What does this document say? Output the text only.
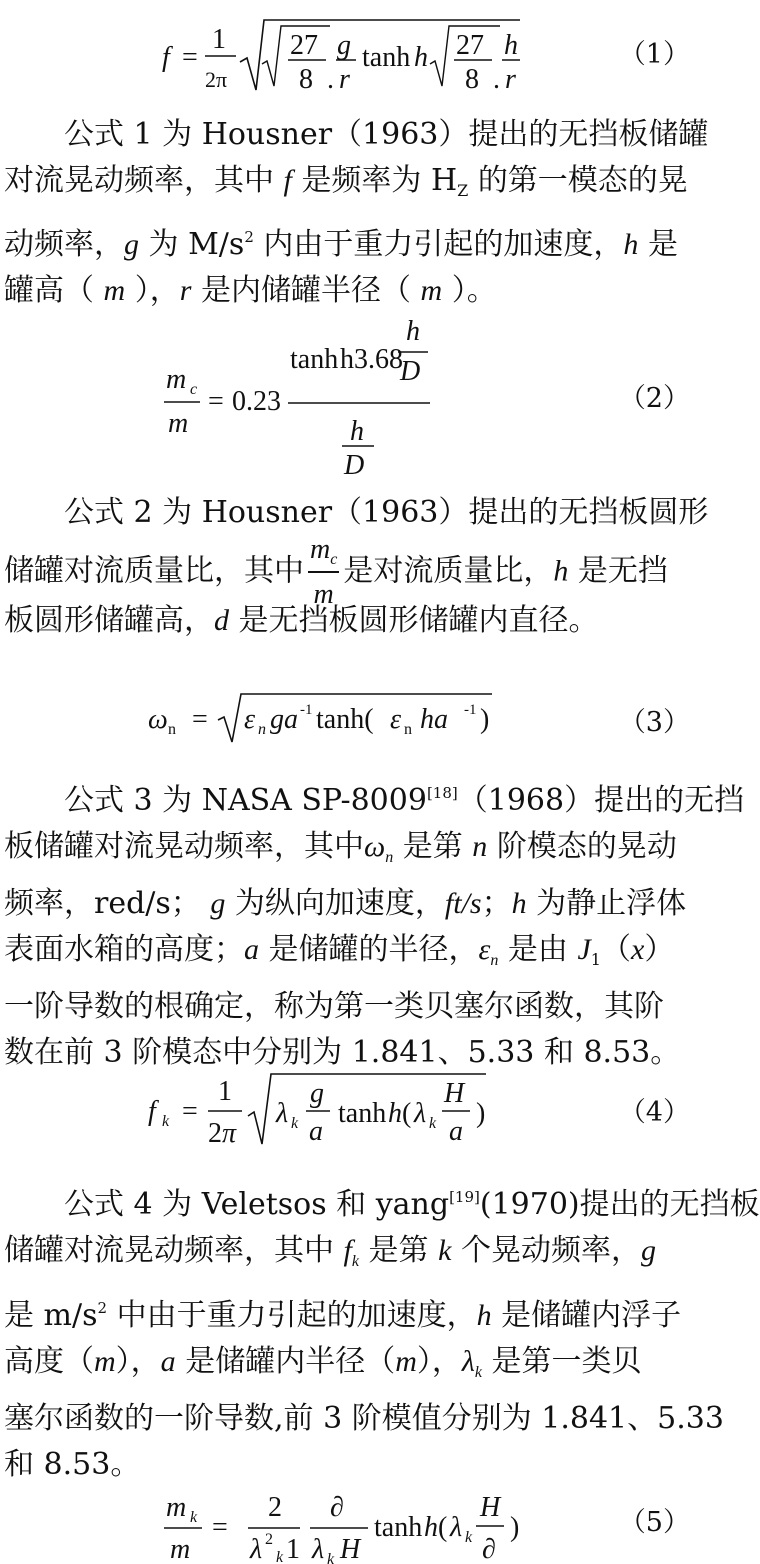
f =
1
2π
27
8 .
g
r
tanh h 27
8 .
h
r
（1）
公式 1 为 Housner（1963）提出的无挡板储罐
对流晃动频率，其中 f 是频率为 $H_Z$ 的第一模态的晃
动频率，g 为 $M/s^2$ 内由于重力引起的加速度，h 是
罐高（ m ），r 是内储罐半径（ m ）。
m c
m
= 0.23
tanh h3.68
h
D
h
D
（2）
公式 2 为 Housner（1963）提出的无挡板圆形
储罐对流质量比，其中 $\frac{m_c}{m}$ 是对流质量比，h 是无挡
板圆形储罐高，d 是无挡板圆形储罐内直径。
ω n = ε n ga -1 tanh( ε n ha -1 )	（3）
公式 3 为 NASA SP-8009[18]（1968）提出的无挡
板储罐对流晃动频率，其中$\omega_n$ 是第 n 阶模态的晃动
频率，red/s； g 为纵向加速度，ft/s；h 为静止浮体
表面水箱的高度；a 是储罐的半径，$\varepsilon_n$ 是由 $J_1(x)$
一阶导数的根确定，称为第一类贝塞尔函数，其阶
数在前 3 阶模态中分别为 1.841、5.33 和 8.53。
f k =
1
2 π
λ k
g
a
tanh h ( λ k
H
a
)	（4）
公式 4 为 Veletsos 和 yang[19](1970)提出的无挡板
储罐对流晃动频率，其中 $f_k$ 是第 k 个晃动频率，g
是 $m/s^2$ 中由于重力引起的加速度，h 是储罐内浮子
高度（m），a 是储罐内半径（m），$\lambda_k$ 是第一类贝
塞尔函数的一阶导数,前 3 阶模值分别为 1.841、5.33
和 8.53。
m k
m
=
2
λ 2
k 1
∂
λ k H
tanh h ( λ k
H
∂
)	（5）
